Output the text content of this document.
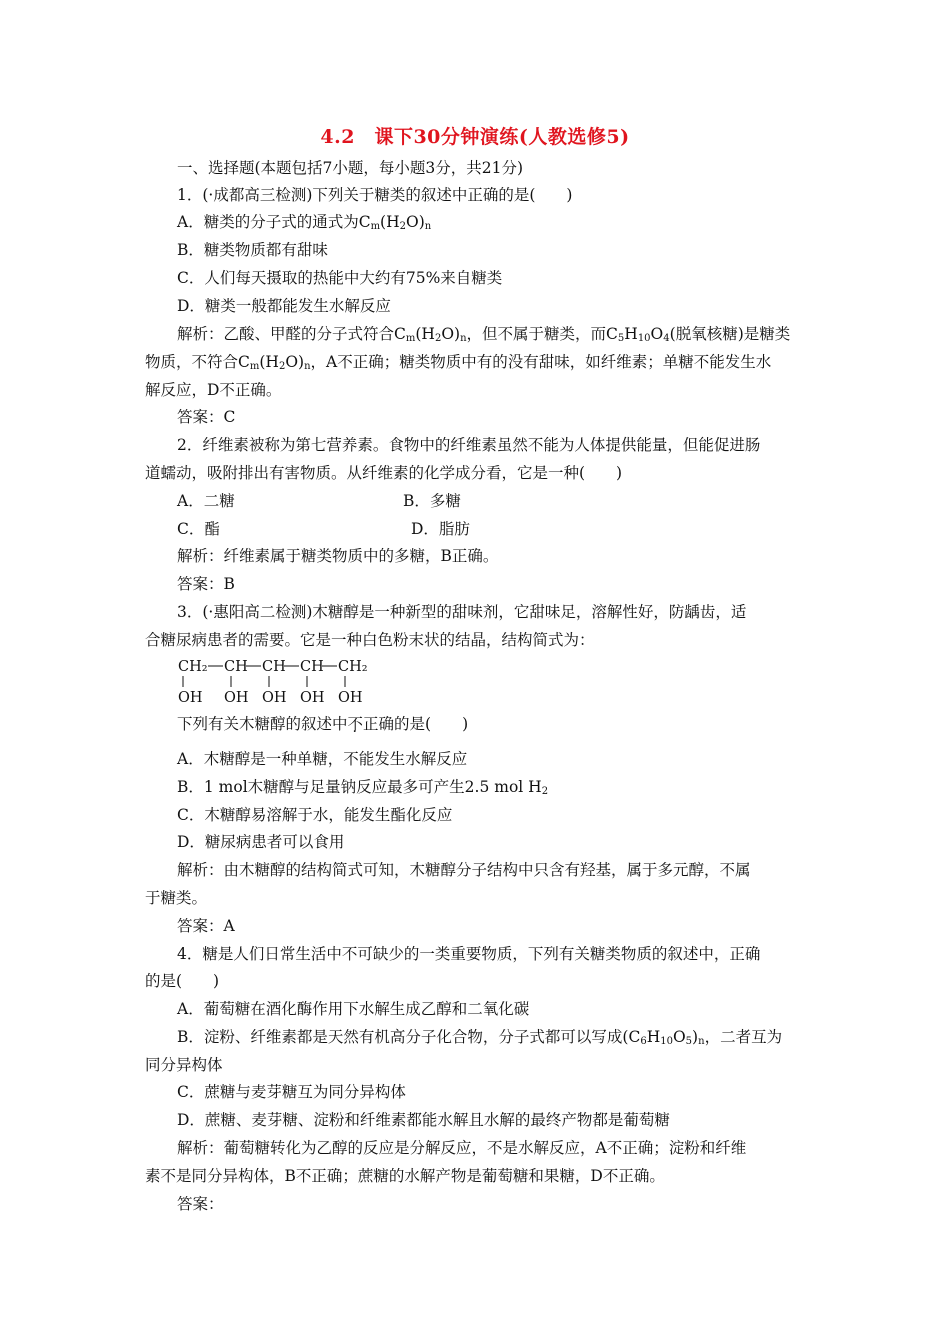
4.2　课下30分钟演练(人教选修5)
一、选择题(本题包括7小题，每小题3分，共21分)
1．(·成都高三检测)下列关于糖类的叙述中正确的是(　　)
A．糖类的分子式的通式为$C_m(H_2O)_n$
B．糖类物质都有甜味
C．人们每天摄取的热能中大约有75%来自糖类
D．糖类一般都能发生水解反应
解析：乙酸、甲醛的分子式符合$C_m(H_2O)_n$，但不属于糖类，而$C_5H_{10}O_4$(脱氧核糖)是糖类
物质，不符合$C_m(H_2O)_n$，A不正确；糖类物质中有的没有甜味，如纤维素；单糖不能发生水
解反应，D不正确。
答案：C
2．纤维素被称为第七营养素。食物中的纤维素虽然不能为人体提供能量，但能促进肠
道蠕动，吸附排出有害物质。从纤维素的化学成分看，它是一种(　　)
A．二糖	B．多糖
C．酯	D．脂肪
解析：纤维素属于糖类物质中的多糖，B正确。
答案：B
3．(·惠阳高二检测)木糖醇是一种新型的甜味剂，它甜味足，溶解性好，防龋齿，适
合糖尿病患者的需要。它是一种白色粉末状的结晶，结构简式为：
CH₂ CH CH CH CH₂
OH OH OH OH OH
下列有关木糖醇的叙述中不正确的是(　　)
A．木糖醇是一种单糖，不能发生水解反应
B．1 mol木糖醇与足量钠反应最多可产生2.5 mol $H_2$
C．木糖醇易溶解于水，能发生酯化反应
D．糖尿病患者可以食用
解析：由木糖醇的结构简式可知，木糖醇分子结构中只含有羟基，属于多元醇，不属
于糖类。
答案：A
4．糖是人们日常生活中不可缺少的一类重要物质，下列有关糖类物质的叙述中，正确
的是(　　)
A．葡萄糖在酒化酶作用下水解生成乙醇和二氧化碳
B．淀粉、纤维素都是天然有机高分子化合物，分子式都可以写成$(C_6H_{10}O_5)_n$，二者互为
同分异构体
C．蔗糖与麦芽糖互为同分异构体
D．蔗糖、麦芽糖、淀粉和纤维素都能水解且水解的最终产物都是葡萄糖
解析：葡萄糖转化为乙醇的反应是分解反应，不是水解反应，A不正确；淀粉和纤维
素不是同分异构体，B不正确；蔗糖的水解产物是葡萄糖和果糖，D不正确。
答案：
